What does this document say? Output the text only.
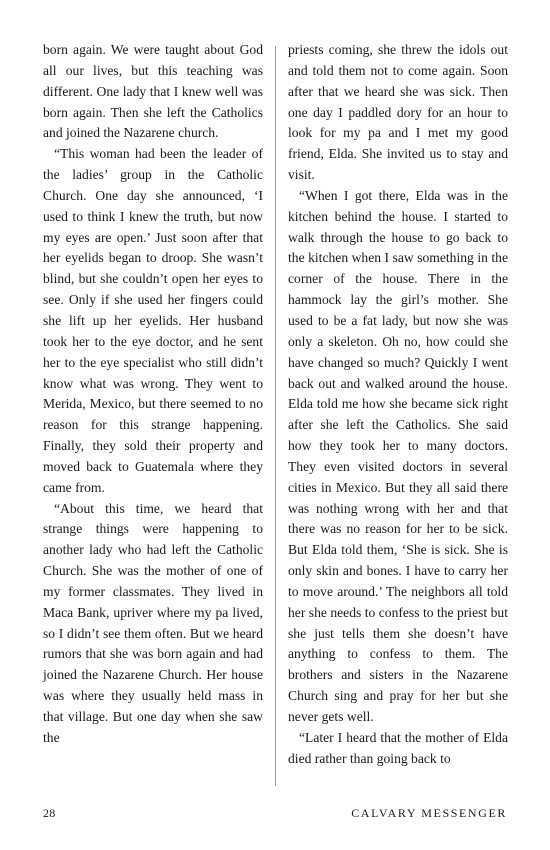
born again. We were taught about God all our lives, but this teaching was different. One lady that I knew well was born again. Then she left the Catholics and joined the Nazarene church.

“This woman had been the leader of the ladies’ group in the Catholic Church. One day she announced, ‘I used to think I knew the truth, but now my eyes are open.’ Just soon after that her eyelids began to droop. She wasn’t blind, but she couldn’t open her eyes to see. Only if she used her fingers could she lift up her eyelids. Her husband took her to the eye doctor, and he sent her to the eye specialist who still didn’t know what was wrong. They went to Merida, Mexico, but there seemed to no reason for this strange happening. Finally, they sold their property and moved back to Guatemala where they came from.

“About this time, we heard that strange things were happening to another lady who had left the Catholic Church. She was the mother of one of my former classmates. They lived in Maca Bank, upriver where my pa lived, so I didn’t see them often. But we heard rumors that she was born again and had joined the Nazarene Church. Her house was where they usually held mass in that village. But one day when she saw the

priests coming, she threw the idols out and told them not to come again. Soon after that we heard she was sick. Then one day I paddled dory for an hour to look for my pa and I met my good friend, Elda. She invited us to stay and visit.

“When I got there, Elda was in the kitchen behind the house. I started to walk through the house to go back to the kitchen when I saw something in the corner of the house. There in the hammock lay the girl’s mother. She used to be a fat lady, but now she was only a skeleton. Oh no, how could she have changed so much? Quickly I went back out and walked around the house. Elda told me how she became sick right after she left the Catholics. She said how they took her to many doctors. They even visited doctors in several cities in Mexico. But they all said there was nothing wrong with her and that there was no reason for her to be sick. But Elda told them, ‘She is sick. She is only skin and bones. I have to carry her to move around.’ The neighbors all told her she needs to confess to the priest but she just tells them she doesn’t have anything to confess to them. The brothers and sisters in the Nazarene Church sing and pray for her but she never gets well.

“Later I heard that the mother of Elda died rather than going back to

28	CALVARY MESSENGER
